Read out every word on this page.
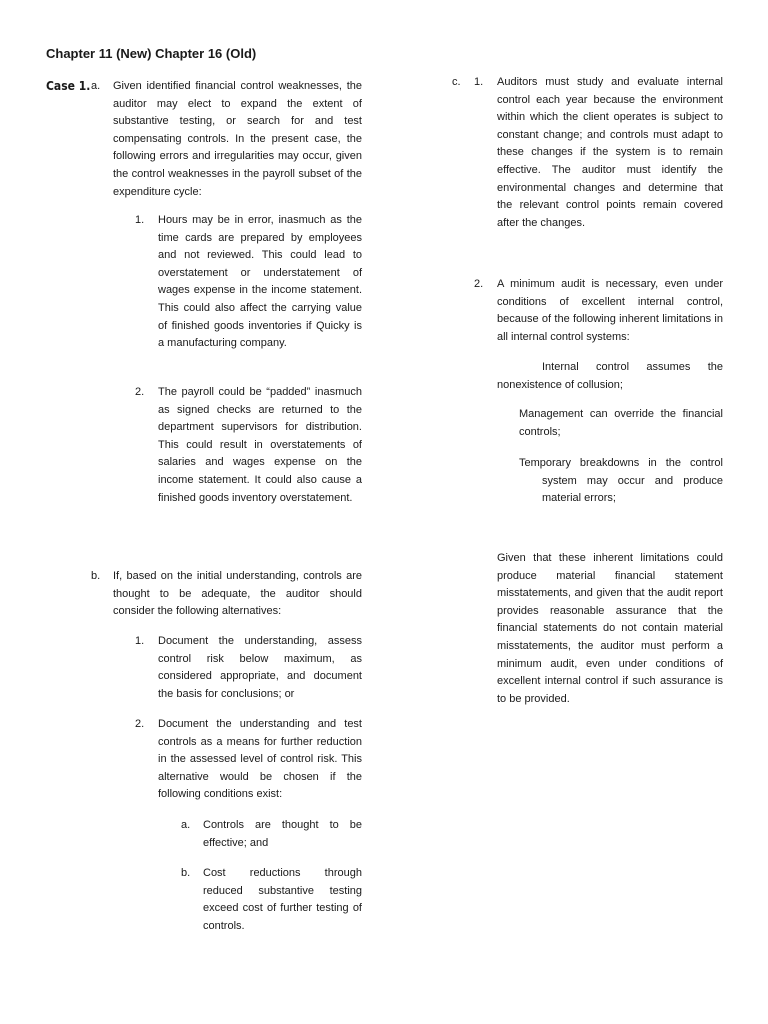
Chapter 11 (New) Chapter 16 (Old)
Case 1. a. Given identified financial control weaknesses, the auditor may elect to expand the extent of substantive testing, or search for and test compensating controls. In the present case, the following errors and irregularities may occur, given the control weaknesses in the payroll subset of the expenditure cycle:
1. Hours may be in error, inasmuch as the time cards are prepared by employees and not reviewed. This could lead to overstatement or understatement of wages expense in the income statement. This could also affect the carrying value of finished goods inventories if Quicky is a manufacturing company.
2. The payroll could be “padded” inasmuch as signed checks are returned to the department supervisors for distribution. This could result in overstatements of salaries and wages expense on the income statement. It could also cause a finished goods inventory overstatement.
b. If, based on the initial understanding, controls are thought to be adequate, the auditor should consider the following alternatives:
1. Document the understanding, assess control risk below maximum, as considered appropriate, and document the basis for conclusions; or
2. Document the understanding and test controls as a means for further reduction in the assessed level of control risk. This alternative would be chosen if the following conditions exist:
a. Controls are thought to be effective; and
b. Cost reductions through reduced substantive testing exceed cost of further testing of controls.
c. 1. Auditors must study and evaluate internal control each year because the environment within which the client operates is subject to constant change; and controls must adapt to these changes if the system is to remain effective. The auditor must identify the environmental changes and determine that the relevant control points remain covered after the changes.
2. A minimum audit is necessary, even under conditions of excellent internal control, because of the following inherent limitations in all internal control systems:
Internal control assumes the nonexistence of collusion;
Management can override the financial controls;
Temporary breakdowns in the control system may occur and produce material errors;
Given that these inherent limitations could produce material financial statement misstatements, and given that the audit report provides reasonable assurance that the financial statements do not contain material misstatements, the auditor must perform a minimum audit, even under conditions of excellent internal control if such assurance is to be provided.
